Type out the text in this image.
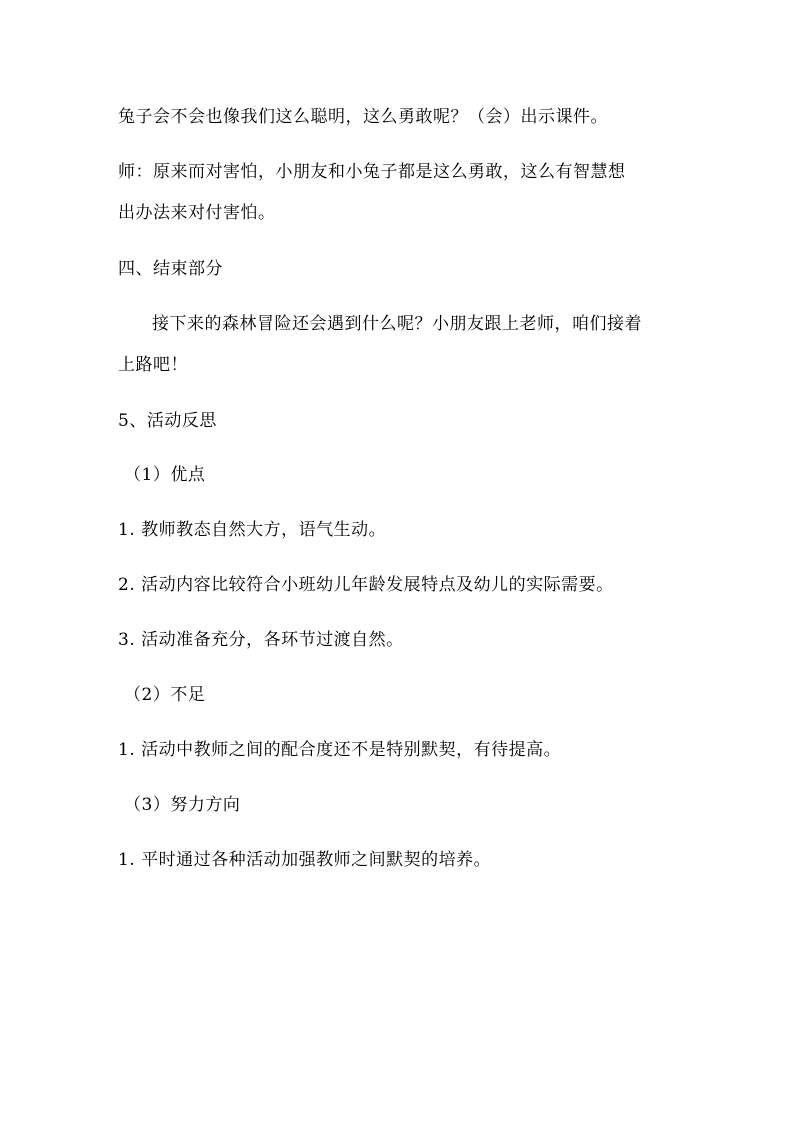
兔子会不会也像我们这么聪明，这么勇敢呢？（会）出示课件。
师：原来而对害怕，小朋友和小兔子都是这么勇敢，这么有智慧想
出办法来对付害怕。
四、结束部分
接下来的森林冒险还会遇到什么呢？小朋友跟上老师，咱们接着
上路吧！
5、活动反思
（1）优点
1. 教师教态自然大方，语气生动。
2. 活动内容比较符合小班幼儿年龄发展特点及幼儿的实际需要。
3. 活动准备充分，各环节过渡自然。
（2）不足
1. 活动中教师之间的配合度还不是特别默契，有待提高。
（3）努力方向
1. 平时通过各种活动加强教师之间默契的培养。
